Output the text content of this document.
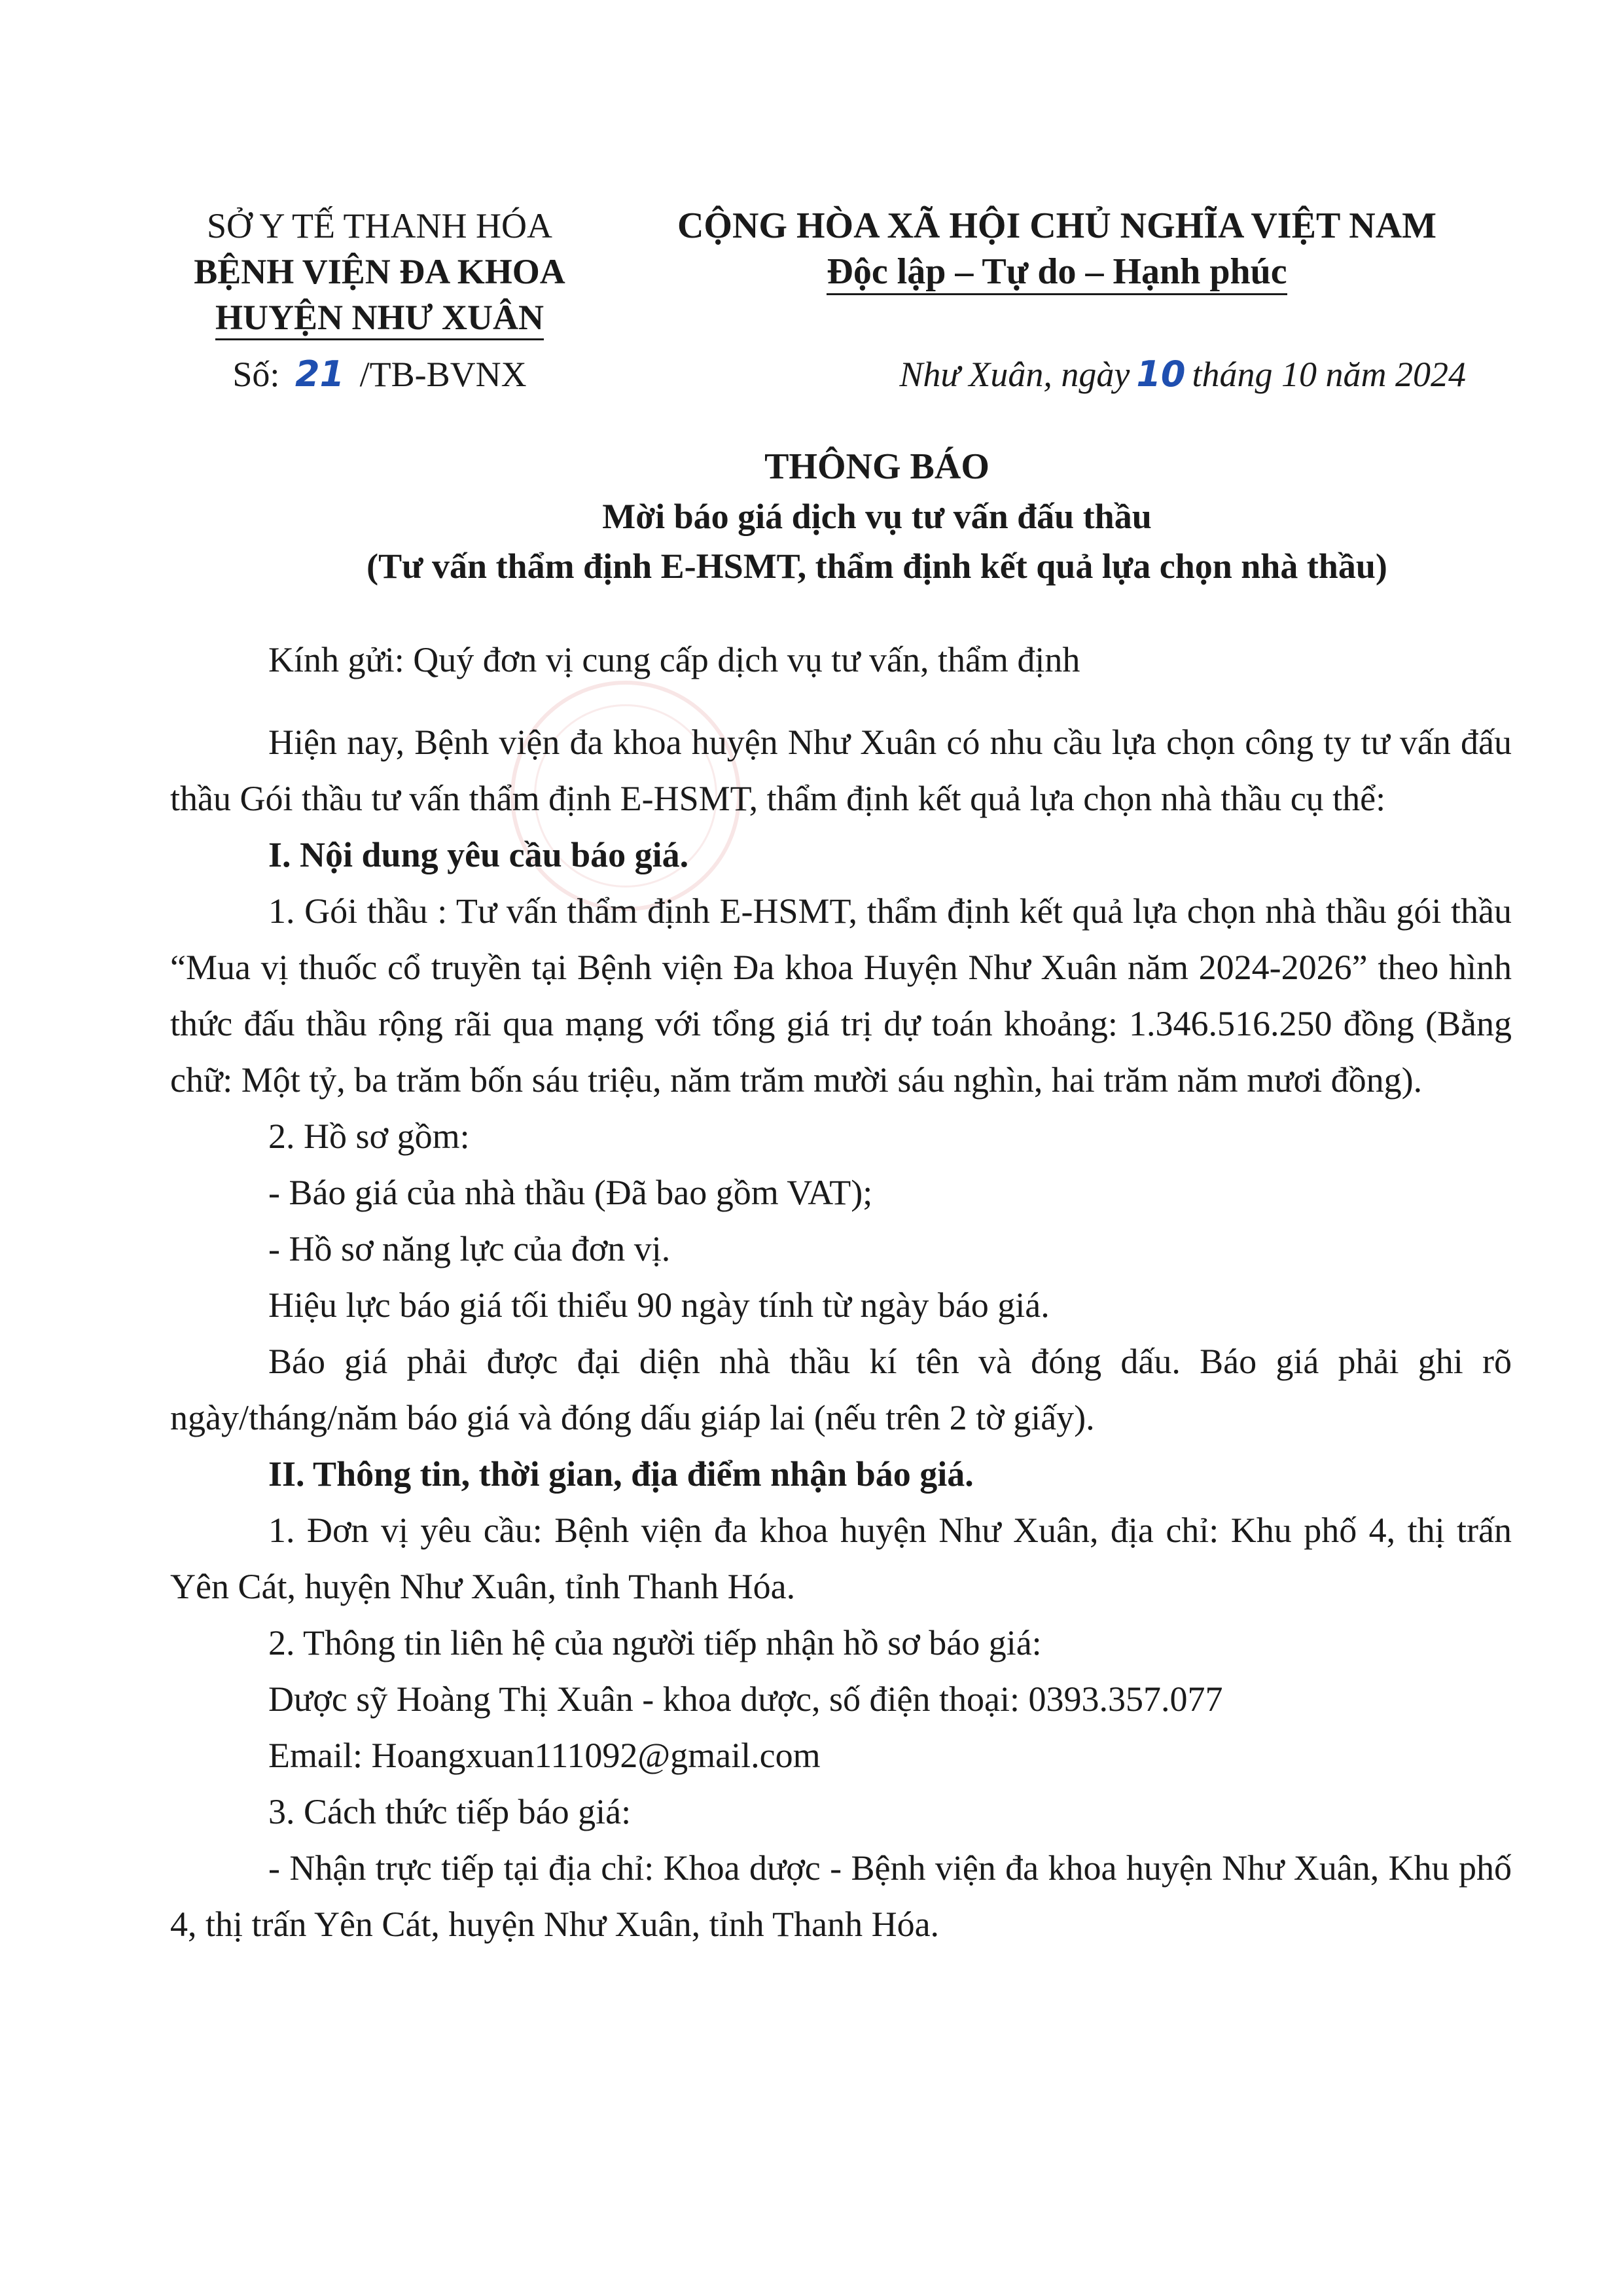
SỞ Y TẾ THANH HÓA
BỆNH VIỆN ĐA KHOA
HUYỆN NHƯ XUÂN
CỘNG HÒA XÃ HỘI CHỦ NGHĨA VIỆT NAM
Độc lập – Tự do – Hạnh phúc
Số: 21 /TB-BVNX	Như Xuân, ngày 10 tháng 10 năm 2024
THÔNG BÁO
Mời báo giá dịch vụ tư vấn đấu thầu
(Tư vấn thẩm định E-HSMT, thẩm định kết quả lựa chọn nhà thầu)

Kính gửi: Quý đơn vị cung cấp dịch vụ tư vấn, thẩm định

Hiện nay, Bệnh viện đa khoa huyện Như Xuân có nhu cầu lựa chọn công ty tư vấn đấu thầu Gói thầu tư vấn thẩm định E-HSMT, thẩm định kết quả lựa chọn nhà thầu cụ thể:

I. Nội dung yêu cầu báo giá.

1. Gói thầu : Tư vấn thẩm định E-HSMT, thẩm định kết quả lựa chọn nhà thầu gói thầu “Mua vị thuốc cổ truyền tại Bệnh viện Đa khoa Huyện Như Xuân năm 2024-2026” theo hình thức đấu thầu rộng rãi qua mạng với tổng giá trị dự toán khoảng: 1.346.516.250 đồng (Bằng chữ: Một tỷ, ba trăm bốn sáu triệu, năm trăm mười sáu nghìn, hai trăm năm mươi đồng).

2. Hồ sơ gồm:

- Báo giá của nhà thầu (Đã bao gồm VAT);

- Hồ sơ năng lực của đơn vị.

Hiệu lực báo giá tối thiểu 90 ngày tính từ ngày báo giá.

Báo giá phải được đại diện nhà thầu kí tên và đóng dấu. Báo giá phải ghi rõ ngày/tháng/năm báo giá và đóng dấu giáp lai (nếu trên 2 tờ giấy).

II. Thông tin, thời gian, địa điểm nhận báo giá.

1. Đơn vị yêu cầu: Bệnh viện đa khoa huyện Như Xuân, địa chỉ: Khu phố 4, thị trấn Yên Cát, huyện Như Xuân, tỉnh Thanh Hóa.

2. Thông tin liên hệ của người tiếp nhận hồ sơ báo giá:

Dược sỹ Hoàng Thị Xuân - khoa dược, số điện thoại: 0393.357.077

Email: Hoangxuan111092@gmail.com

3. Cách thức tiếp báo giá:

- Nhận trực tiếp tại địa chỉ: Khoa dược - Bệnh viện đa khoa huyện Như Xuân, Khu phố 4, thị trấn Yên Cát, huyện Như Xuân, tỉnh Thanh Hóa.
